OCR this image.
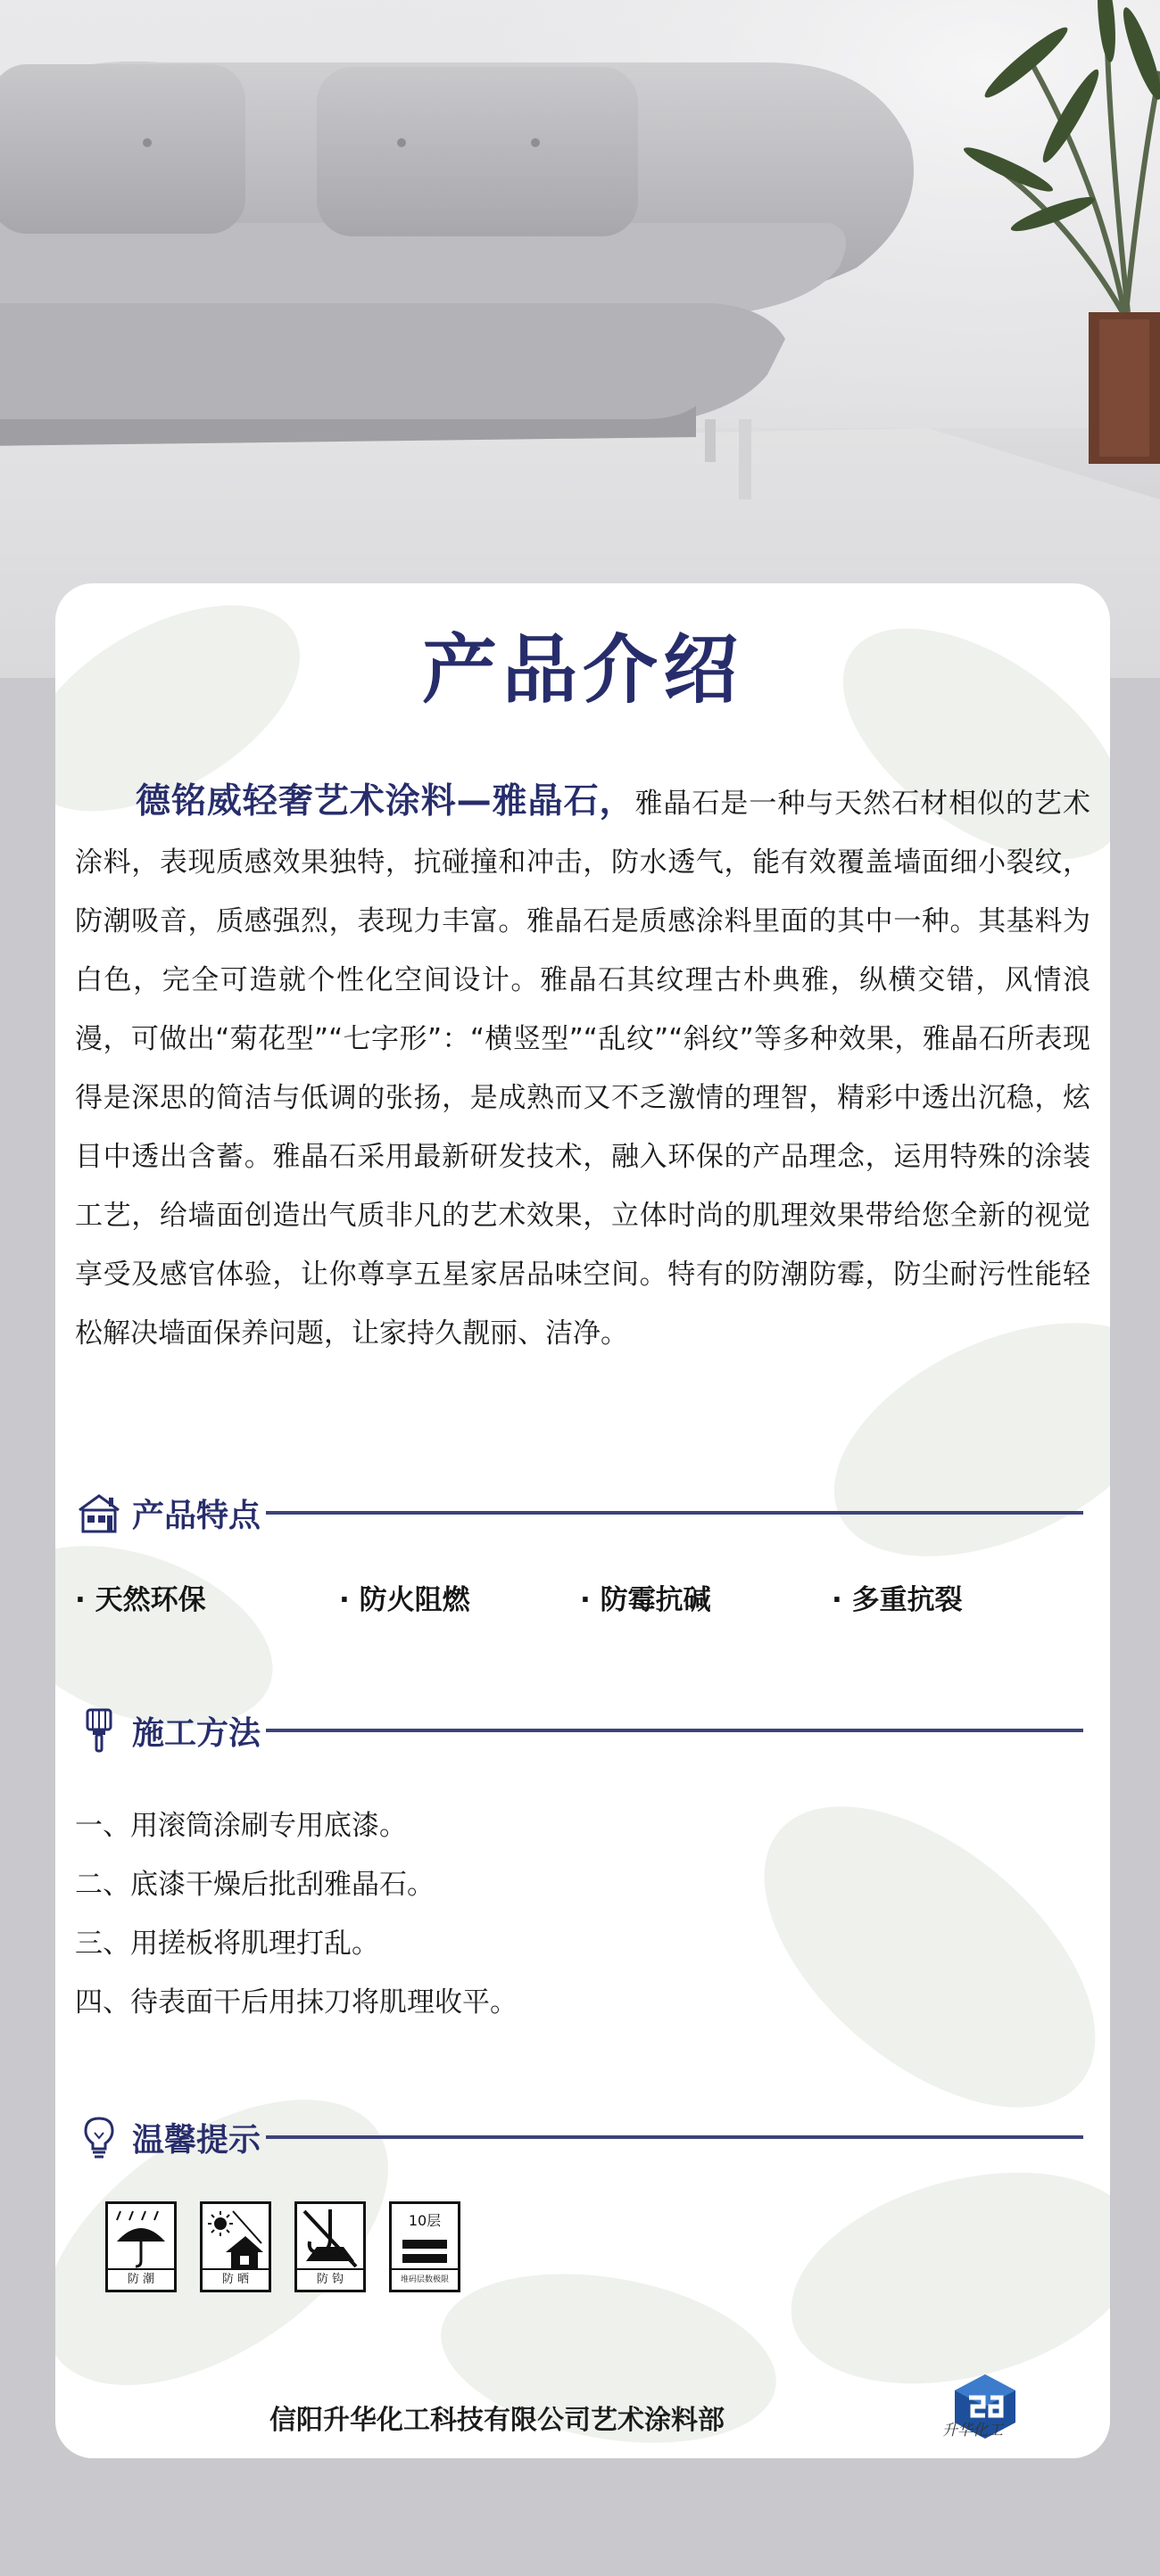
产品介绍
德铭威轻奢艺术涂料—雅晶石，雅晶石是一种与天然石材相似的艺术涂料，表现质感效果独特，抗碰撞和冲击，防水透气，能有效覆盖墙面细小裂纹，防潮吸音，质感强烈，表现力丰富。雅晶石是质感涂料里面的其中一种。其基料为白色，完全可造就个性化空间设计。雅晶石其纹理古朴典雅，纵横交错，风情浪漫，可做出“菊花型”“七字形”：“横竖型”“乱纹”“斜纹”等多种效果，雅晶石所表现得是深思的简洁与低调的张扬，是成熟而又不乏激情的理智，精彩中透出沉稳，炫目中透出含蓄。雅晶石采用最新研发技术，融入环保的产品理念，运用特殊的涂装工艺，给墙面创造出气质非凡的艺术效果，立体时尚的肌理效果带给您全新的视觉享受及感官体验，让你尊享五星家居品味空间。特有的防潮防霉，防尘耐污性能轻松解决墙面保养问题，让家持久靓丽、洁净。
产品特点
· 天然环保	· 防火阻燃	· 防霉抗碱	· 多重抗裂
施工方法
一、用滚筒涂刷专用底漆。
二、底漆干燥后批刮雅晶石。
三、用搓板将肌理打乱。
四、待表面干后用抹刀将肌理收平。
温馨提示
防 潮	防 晒	防 钩
10层
堆码层数极限
信阳升华化工科技有限公司艺术涂料部	升华化工
